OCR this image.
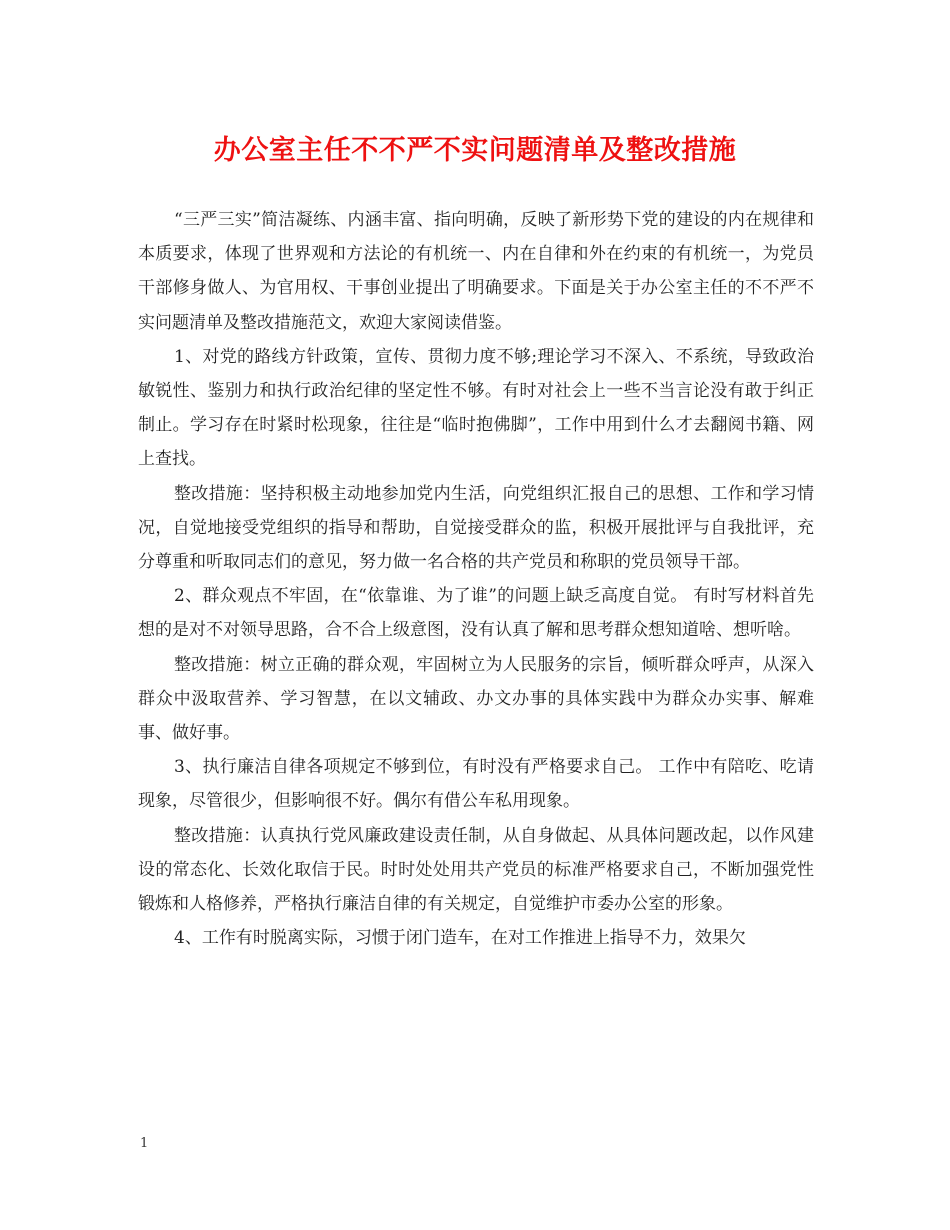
办公室主任不不严不实问题清单及整改措施

“三严三实”简洁凝练、内涵丰富、指向明确，反映了新形势下党的建设的内在规律和本质要求，体现了世界观和方法论的有机统一、内在自律和外在约束的有机统一，为党员干部修身做人、为官用权、干事创业提出了明确要求。下面是关于办公室主任的不不严不实问题清单及整改措施范文，欢迎大家阅读借鉴。

1、对党的路线方针政策，宣传、贯彻力度不够;理论学习不深入、不系统，导致政治敏锐性、鉴别力和执行政治纪律的坚定性不够。有时对社会上一些不当言论没有敢于纠正制止。学习存在时紧时松现象，往往是“临时抱佛脚”，工作中用到什么才去翻阅书籍、网上查找。

整改措施：坚持积极主动地参加党内生活，向党组织汇报自己的思想、工作和学习情况，自觉地接受党组织的指导和帮助，自觉接受群众的监，积极开展批评与自我批评，充分尊重和听取同志们的意见，努力做一名合格的共产党员和称职的党员领导干部。

2、群众观点不牢固，在“依靠谁、为了谁”的问题上缺乏高度自觉。 有时写材料首先想的是对不对领导思路，合不合上级意图，没有认真了解和思考群众想知道啥、想听啥。

整改措施：树立正确的群众观，牢固树立为人民服务的宗旨，倾听群众呼声，从深入群众中汲取营养、学习智慧，在以文辅政、办文办事的具体实践中为群众办实事、解难事、做好事。

3、执行廉洁自律各项规定不够到位，有时没有严格要求自己。 工作中有陪吃、吃请现象，尽管很少，但影响很不好。偶尔有借公车私用现象。

整改措施：认真执行党风廉政建设责任制，从自身做起、从具体问题改起，以作风建设的常态化、长效化取信于民。时时处处用共产党员的标准严格要求自己，不断加强党性锻炼和人格修养，严格执行廉洁自律的有关规定，自觉维护市委办公室的形象。

4、工作有时脱离实际，习惯于闭门造车，在对工作推进上指导不力，效果欠

1
